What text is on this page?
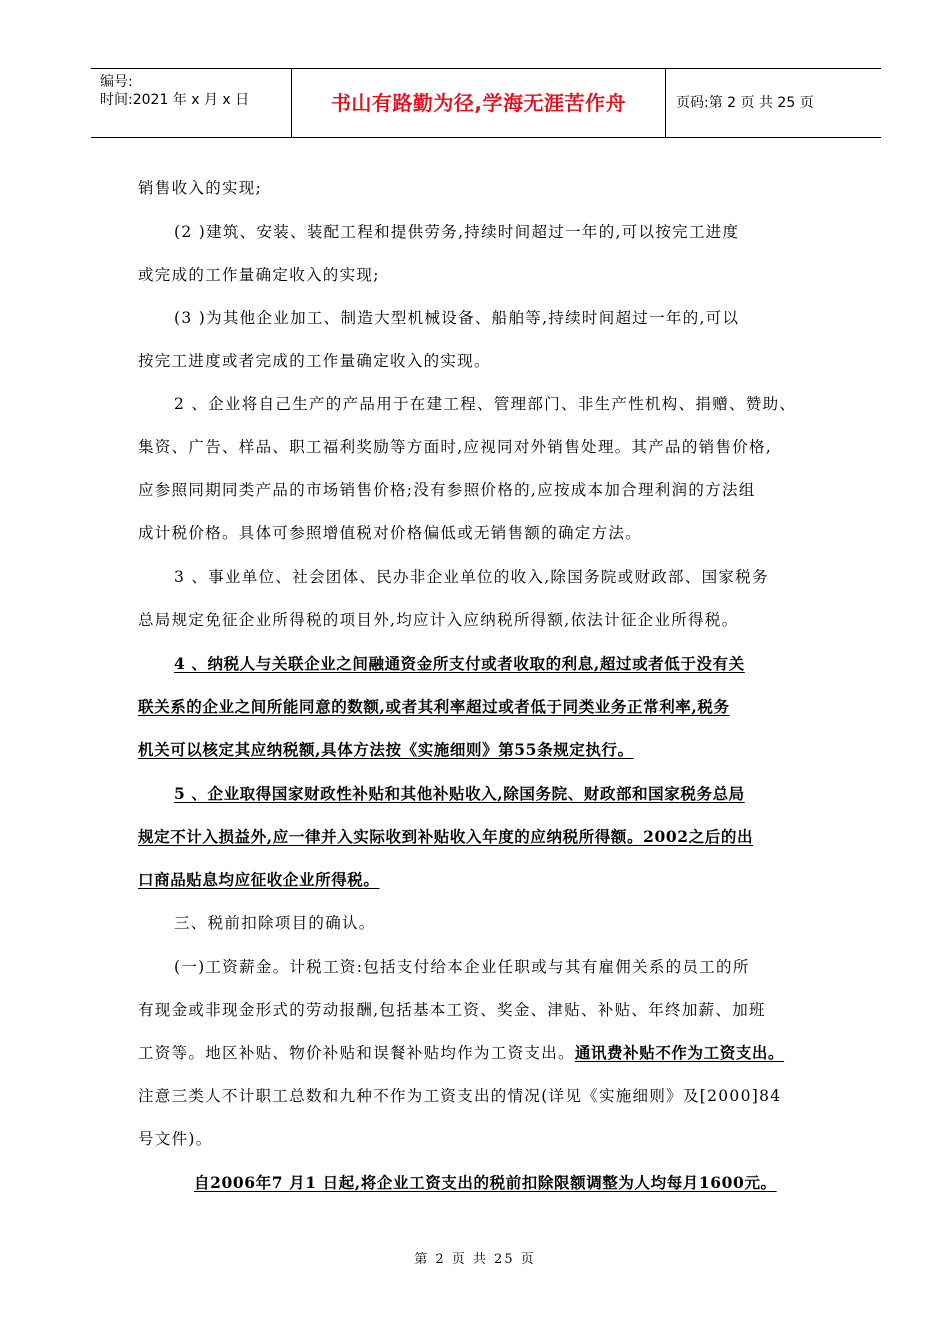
编号:
时间:2021 年 x 月 x 日	书山有路勤为径,学海无涯苦作舟	页码:第 2 页 共 25 页
销售收入的实现;
(2 )建筑、安装、装配工程和提供劳务,持续时间超过一年的,可以按完工进度
或完成的工作量确定收入的实现;
(3 )为其他企业加工、制造大型机械设备、船舶等,持续时间超过一年的,可以
按完工进度或者完成的工作量确定收入的实现。
2 、企业将自己生产的产品用于在建工程、管理部门、非生产性机构、捐赠、赞助、
集资、广告、样品、职工福利奖励等方面时,应视同对外销售处理。其产品的销售价格,
应参照同期同类产品的市场销售价格;没有参照价格的,应按成本加合理利润的方法组
成计税价格。具体可参照增值税对价格偏低或无销售额的确定方法。
3 、事业单位、社会团体、民办非企业单位的收入,除国务院或财政部、国家税务
总局规定免征企业所得税的项目外,均应计入应纳税所得额,依法计征企业所得税。
4 、纳税人与关联企业之间融通资金所支付或者收取的利息,超过或者低于没有关
联关系的企业之间所能同意的数额,或者其利率超过或者低于同类业务正常利率,税务
机关可以核定其应纳税额,具体方法按《实施细则》第55条规定执行。
5 、企业取得国家财政性补贴和其他补贴收入,除国务院、财政部和国家税务总局
规定不计入损益外,应一律并入实际收到补贴收入年度的应纳税所得额。2002之后的出
口商品贴息均应征收企业所得税。
三、税前扣除项目的确认。
(一)工资薪金。计税工资:包括支付给本企业任职或与其有雇佣关系的员工的所
有现金或非现金形式的劳动报酬,包括基本工资、奖金、津贴、补贴、年终加薪、加班
工资等。地区补贴、物价补贴和误餐补贴均作为工资支出。通讯费补贴不作为工资支出。
注意三类人不计职工总数和九种不作为工资支出的情况(详见《实施细则》及[2000]84
号文件)。
自2006年7 月1 日起,将企业工资支出的税前扣除限额调整为人均每月1600元。
第 2 页 共 25 页
